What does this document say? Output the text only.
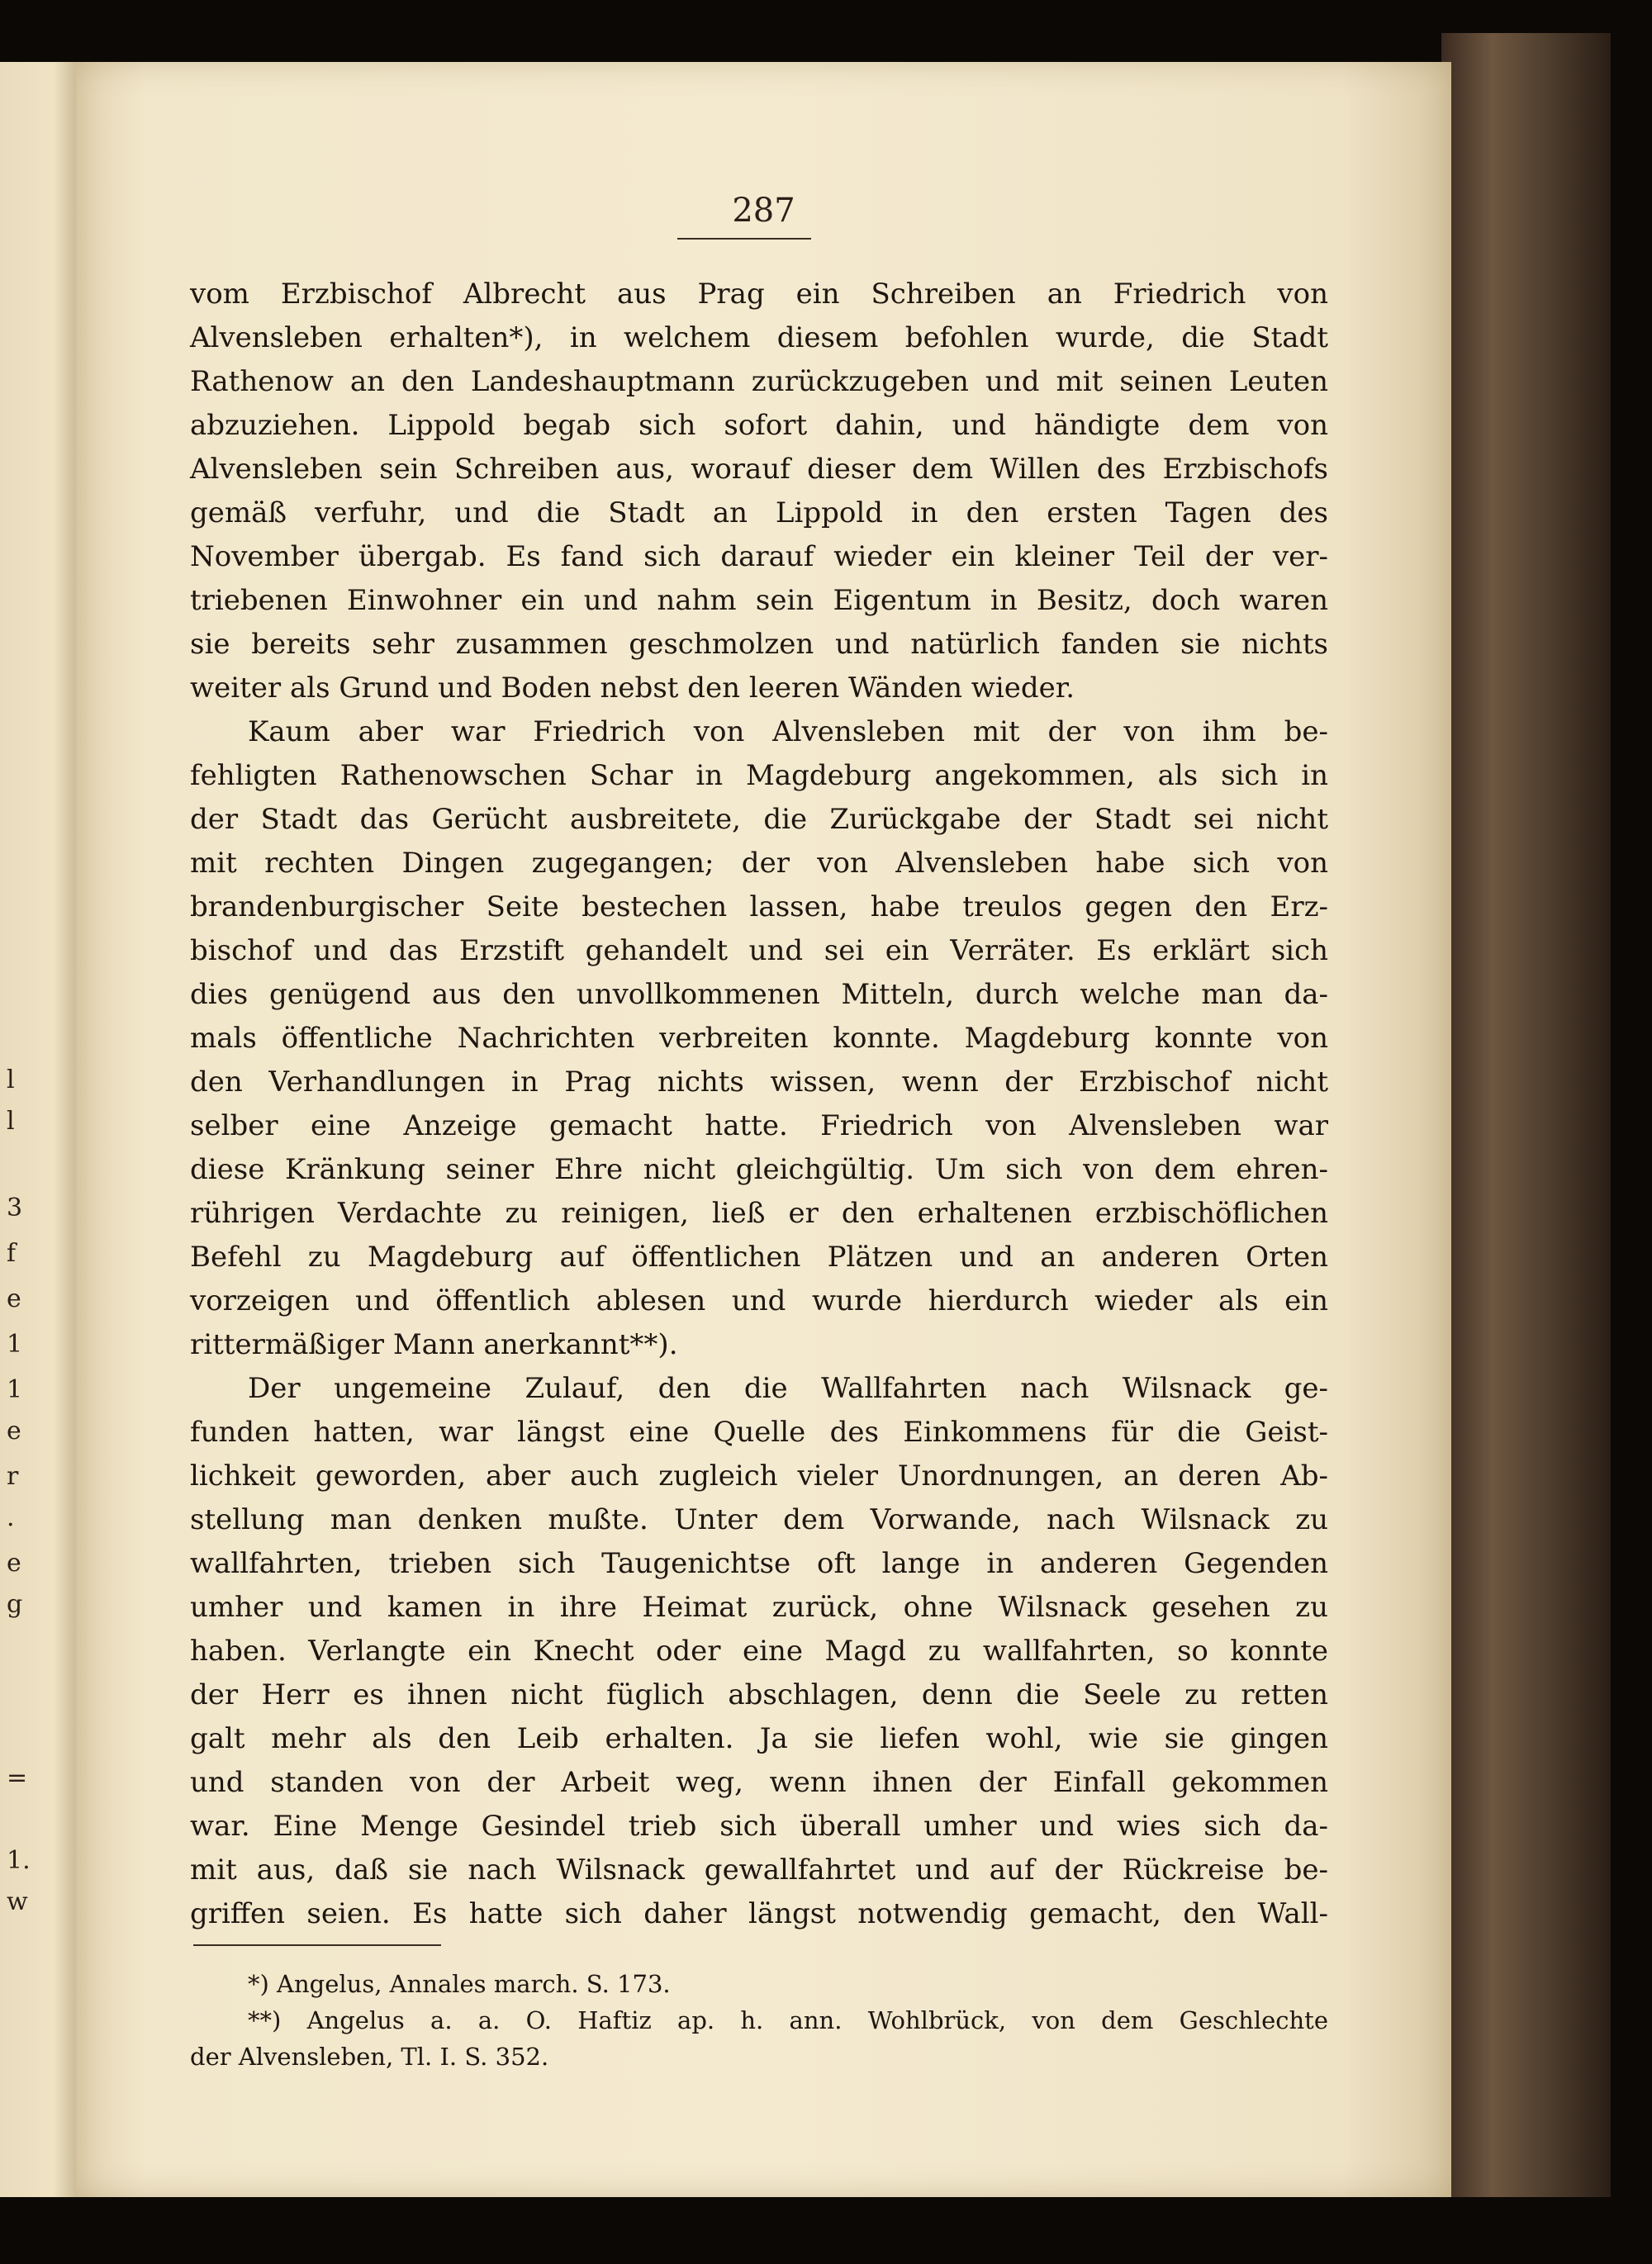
l
l
3
f
e
1
1
e
r
.
e
g
=
1.
w
287
vom Erzbischof Albrecht aus Prag ein Schreiben an Friedrich von
Alvensleben erhalten*), in welchem diesem befohlen wurde, die Stadt
Rathenow an den Landeshauptmann zurückzugeben und mit seinen Leuten
abzuziehen. Lippold begab sich sofort dahin, und händigte dem von
Alvensleben sein Schreiben aus, worauf dieser dem Willen des Erzbischofs
gemäß verfuhr, und die Stadt an Lippold in den ersten Tagen des
November übergab. Es fand sich darauf wieder ein kleiner Teil der ver-
triebenen Einwohner ein und nahm sein Eigentum in Besitz, doch waren
sie bereits sehr zusammen geschmolzen und natürlich fanden sie nichts
weiter als Grund und Boden nebst den leeren Wänden wieder.
Kaum aber war Friedrich von Alvensleben mit der von ihm be-
fehligten Rathenowschen Schar in Magdeburg angekommen, als sich in
der Stadt das Gerücht ausbreitete, die Zurückgabe der Stadt sei nicht
mit rechten Dingen zugegangen; der von Alvensleben habe sich von
brandenburgischer Seite bestechen lassen, habe treulos gegen den Erz-
bischof und das Erzstift gehandelt und sei ein Verräter. Es erklärt sich
dies genügend aus den unvollkommenen Mitteln, durch welche man da-
mals öffentliche Nachrichten verbreiten konnte. Magdeburg konnte von
den Verhandlungen in Prag nichts wissen, wenn der Erzbischof nicht
selber eine Anzeige gemacht hatte. Friedrich von Alvensleben war
diese Kränkung seiner Ehre nicht gleichgültig. Um sich von dem ehren-
rührigen Verdachte zu reinigen, ließ er den erhaltenen erzbischöflichen
Befehl zu Magdeburg auf öffentlichen Plätzen und an anderen Orten
vorzeigen und öffentlich ablesen und wurde hierdurch wieder als ein
rittermäßiger Mann anerkannt**).
Der ungemeine Zulauf, den die Wallfahrten nach Wilsnack ge-
funden hatten, war längst eine Quelle des Einkommens für die Geist-
lichkeit geworden, aber auch zugleich vieler Unordnungen, an deren Ab-
stellung man denken mußte. Unter dem Vorwande, nach Wilsnack zu
wallfahrten, trieben sich Taugenichtse oft lange in anderen Gegenden
umher und kamen in ihre Heimat zurück, ohne Wilsnack gesehen zu
haben. Verlangte ein Knecht oder eine Magd zu wallfahrten, so konnte
der Herr es ihnen nicht füglich abschlagen, denn die Seele zu retten
galt mehr als den Leib erhalten. Ja sie liefen wohl, wie sie gingen
und standen von der Arbeit weg, wenn ihnen der Einfall gekommen
war. Eine Menge Gesindel trieb sich überall umher und wies sich da-
mit aus, daß sie nach Wilsnack gewallfahrtet und auf der Rückreise be-
griffen seien. Es hatte sich daher längst notwendig gemacht, den Wall-
*) Angelus, Annales march. S. 173.
**) Angelus a. a. O. Haftiz ap. h. ann. Wohlbrück, von dem Geschlechte
der Alvensleben, Tl. I. S. 352.
